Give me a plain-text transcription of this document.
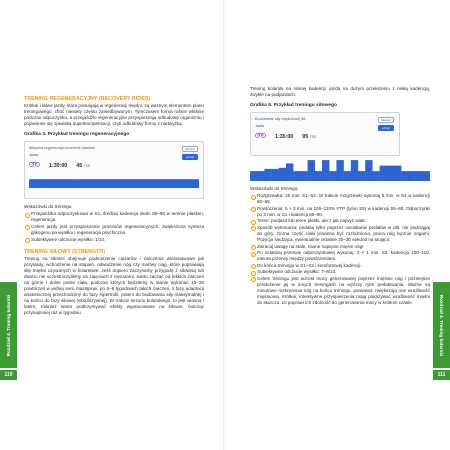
TRENING REGENERACYJNY (RECOVERY RIDES)

Krótkie i łatwe jazdy, które pomagają w regeneracji mięśni, są ważnym elementem planu treningowego, choć niestety często zaniedbywanym. Tymczasem forma rośnie właśnie podczas odpoczynku, a przejażdżki regeneracyjne przyspieszają odbudowę organizmu i pojawienie się zjawiska superkompensacji, czyli odbudowy formy z nadwyżką.

Grafika 4. Przykład treningu regeneracyjnego
Aktywna regeneracja w terenie płaskim
Jazda
zamień
wrzuć
1:30:00 45 TSS

Wskazówki do treningu:

Przejażdżka odpoczynkowa w S1, średnia kadencja około 85–90 w terenie płaskim, regeneracja.
Celem jazdy jest przyspieszenie procesów regeneracyjnych, zwiększona synteza glikogenu po wysiłku i regeneracja psychiczna.
Subiektywne odczucie wysiłku: 1/10.
TRENING SIŁOWY (STRENGTH)

Trening na siłowni obejmuje podnoszenie ciężarów i ćwiczenia wielostawowe jak przysiady, wchodzenie na stopień, odwodzenie nóg czy martwy ciąg, które poprawiają siłę mięśni używanych w kolarstwie. Jeśli dopiero zaczynamy przygodę z siłownią lub dawno nie uczestniczyliśmy na zajęciach z ciężarami, warto zacząć od lekkich ćwiczeń na górne i dolne partie ciała, podczas których będziemy w stanie wykonać 15–20 powtórzeń w jednej serii. Następnie, po 6–8 tygodniach takich ćwiczeń, z fazy adaptacji anatomicznej przechodzimy do fazy hipertrofii, potem do budowania siły maksymalnej i na końcu do fazy siłowej (eksplozywnej). W trakcie sezonu kolarskiego, to jest wiosną i latem, również warto podtrzymywać efekty wypracowane na siłowni, ćwicząc przynajmniej raz w tygodniu.

Trening kolarski na niskiej kadencji: jazda na dużym przełożeniu z niską kadencją, zwykle na podjazdach.

Grafika 5. Przykład treningu siłowego
Budowanie siły mięśniowej 88
Jazda
zamień
wrzuć
1:35:00 95 TSS

Wskazówki do treningu:

Rozgrzewka: 20 min. S1–S2, W trakcie rozgrzewki wykonaj 5 min. w S4 w kadencji 60–65.
Powtórzenia: 5 × 3 min. na 106–110% FTP (tylno S5) w kadencji 55–60. Odpoczynki po 3 min. w S1 i kadencji 85–90.
Teren: podjazd lub teren płaski, ale z jak najwyż wiatr.
Sposób wykonania: pedałuj tylko poprzez naciskanie pedałów w dół, nie podciągaj do góry. Górna część ciała powinna być rozluźniona, praca nóg łącznie nogami. Pozycja siedząca, ewentualnie ostatnie 20–30 sekund na stojąco.
Zwracaj uwagę na stałe, równe napięcie mięśni nóg!
Po ostatniej przerwie odpoczynkowej wykonaj: 3 × 1 min. S3, kadencja 100–110, minuta przerwy między powtórzeniami.
Do końca treningu w S1–S2 i komfortowej kadencji.
Subiektywne odczucie wysiłku: 7–8/10.
Celem treningu jest wzrost mocy generowanej poprzez mięśnie nóg i późniejsze przełożenie jej w innych treningach na wyższy rytm pedałowania. Ważne są minutowe rozkręcenia nóg na końcu treningu, ponieważ zwiększają one wrażliwość mięśniową. Krótkie, intensywne przyspieszenia mają pokazywać wrażliwość mięśni do skurczu, co poprawi ich zdolność do generowania mocy w krótkim czasie.
Rozdział 4. Trening kolarski
110
Rozdział 4. Trening kolarski
111
